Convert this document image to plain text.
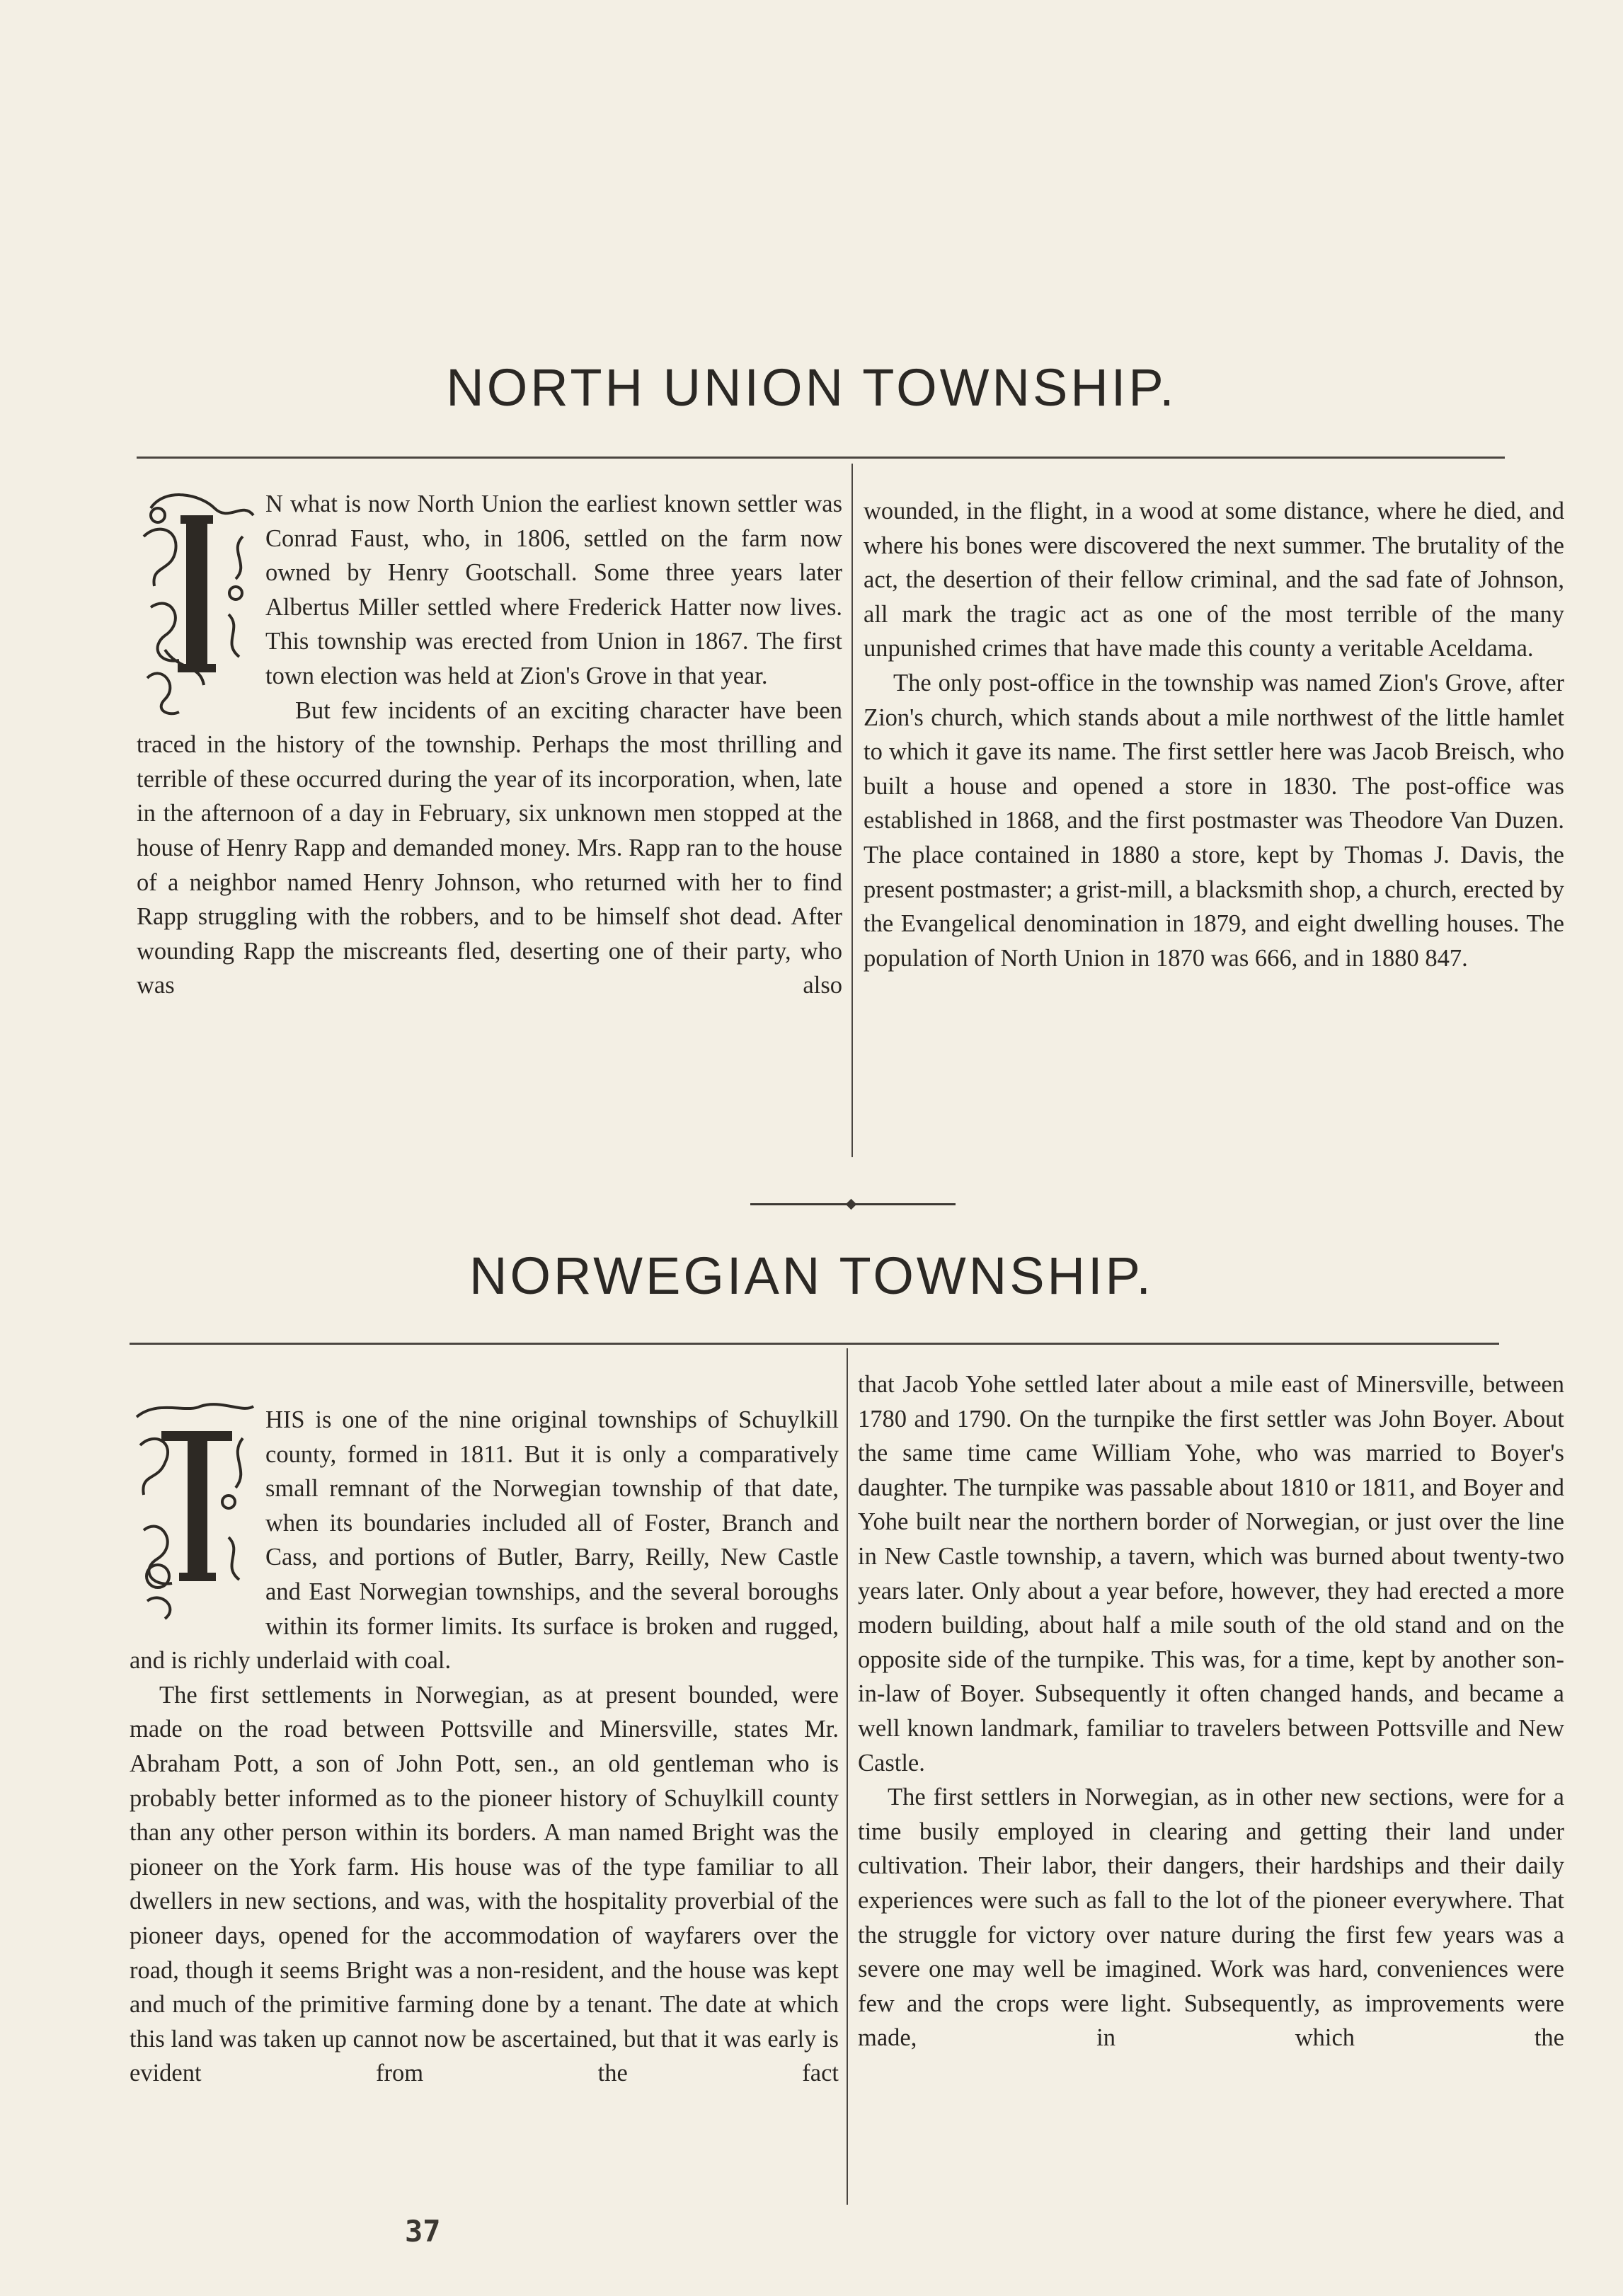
NORTH UNION TOWNSHIP.
I

N what is now North Union the earliest known settler was Conrad Faust, who, in 1806, settled on the farm now owned by Henry Gootschall. Some three years later Albertus Miller settled where Frederick Hatter now lives. This township was erected from Union in 1867. The first town election was held at Zion's Grove in that year.

But few incidents of an exciting character have been traced in the history of the township. Perhaps the most thrilling and terrible of these occurred during the year of its incorporation, when, late in the afternoon of a day in February, six unknown men stopped at the house of Henry Rapp and demanded money. Mrs. Rapp ran to the house of a neighbor named Henry Johnson, who returned with her to find Rapp struggling with the robbers, and to be himself shot dead. After wounding Rapp the miscreants fled, deserting one of their party, who was also

wounded, in the flight, in a wood at some distance, where he died, and where his bones were discovered the next summer. The brutality of the act, the desertion of their fellow criminal, and the sad fate of Johnson, all mark the tragic act as one of the most terrible of the many unpunished crimes that have made this county a veritable Aceldama.

The only post-office in the township was named Zion's Grove, after Zion's church, which stands about a mile northwest of the little hamlet to which it gave its name. The first settler here was Jacob Breisch, who built a house and opened a store in 1830. The post-office was established in 1868, and the first postmaster was Theodore Van Duzen. The place contained in 1880 a store, kept by Thomas J. Davis, the present postmaster; a grist-mill, a blacksmith shop, a church, erected by the Evangelical denomination in 1879, and eight dwelling houses. The population of North Union in 1870 was 666, and in 1880 847.

NORWEGIAN TOWNSHIP.
T

HIS is one of the nine original townships of Schuylkill county, formed in 1811. But it is only a comparatively small remnant of the Norwegian township of that date, when its boundaries included all of Foster, Branch and Cass, and portions of Butler, Barry, Reilly, New Castle and East Norwegian townships, and the several boroughs within its former limits. Its surface is broken and rugged, and is richly underlaid with coal.

The first settlements in Norwegian, as at present bounded, were made on the road between Pottsville and Minersville, states Mr. Abraham Pott, a son of John Pott, sen., an old gentleman who is probably better informed as to the pioneer history of Schuylkill county than any other person within its borders. A man named Bright was the pioneer on the York farm. His house was of the type familiar to all dwellers in new sections, and was, with the hospitality proverbial of the pioneer days, opened for the accommodation of wayfarers over the road, though it seems Bright was a non-resident, and the house was kept and much of the primitive farming done by a tenant. The date at which this land was taken up cannot now be ascertained, but that it was early is evident from the fact

that Jacob Yohe settled later about a mile east of Minersville, between 1780 and 1790. On the turnpike the first settler was John Boyer. About the same time came William Yohe, who was married to Boyer's daughter. The turnpike was passable about 1810 or 1811, and Boyer and Yohe built near the northern border of Norwegian, or just over the line in New Castle township, a tavern, which was burned about twenty-two years later. Only about a year before, however, they had erected a more modern building, about half a mile south of the old stand and on the opposite side of the turnpike. This was, for a time, kept by another son-in-law of Boyer. Subsequently it often changed hands, and became a well known landmark, familiar to travelers between Pottsville and New Castle.

The first settlers in Norwegian, as in other new sections, were for a time busily employed in clearing and getting their land under cultivation. Their labor, their dangers, their hardships and their daily experiences were such as fall to the lot of the pioneer everywhere. That the struggle for victory over nature during the first few years was a severe one may well be imagined. Work was hard, conveniences were few and the crops were light. Subsequently, as improvements were made, in which the

37
